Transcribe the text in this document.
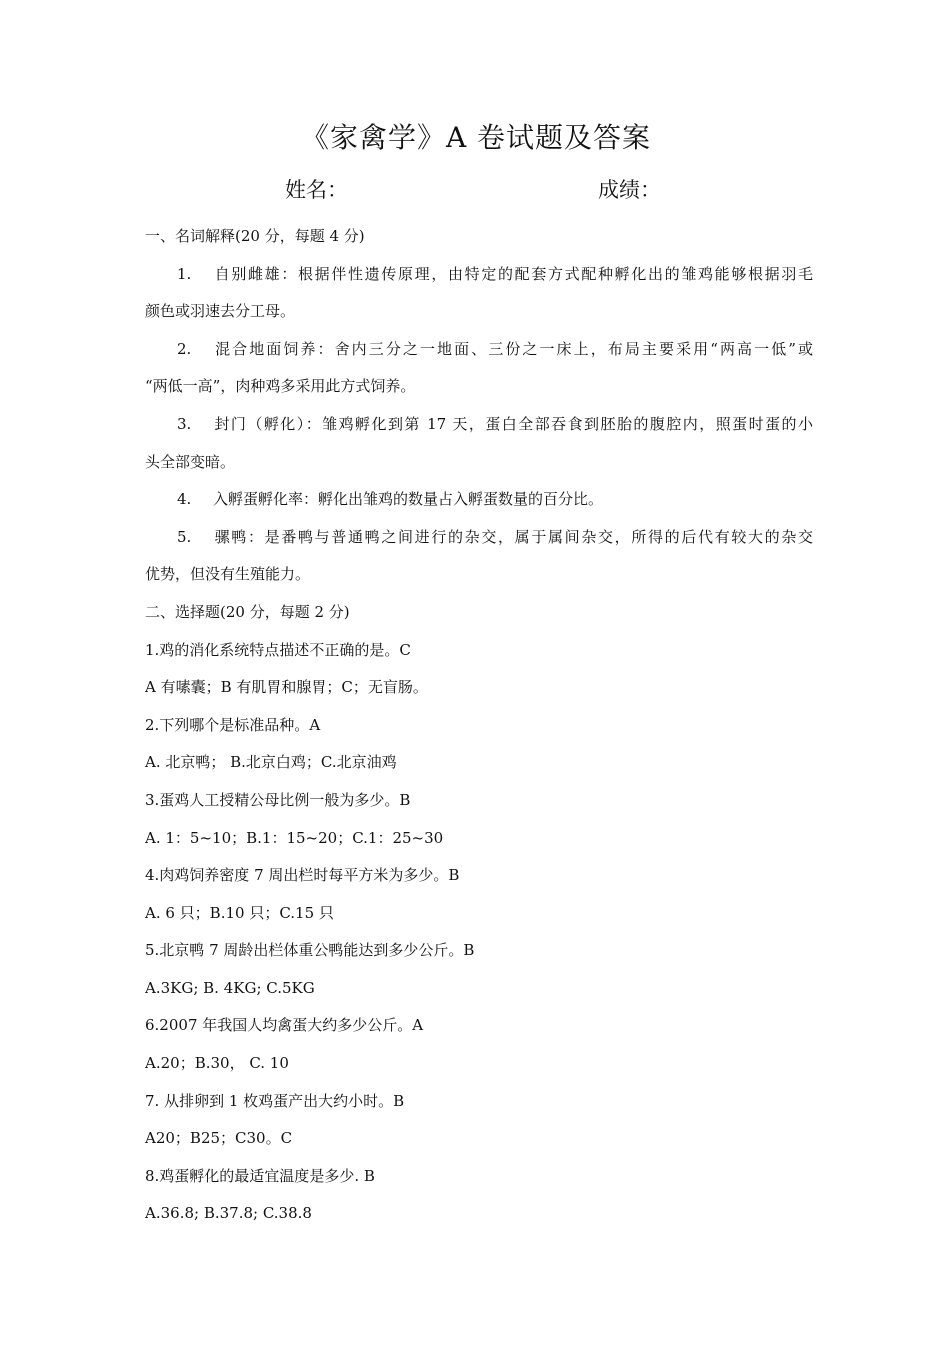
《家禽学》A 卷试题及答案
姓名：	成绩：
一、名词解释(20 分，每题 4 分)
1. 自别雌雄：根据伴性遗传原理，由特定的配套方式配种孵化出的雏鸡能够根据羽毛
颜色或羽速去分工母。
2. 混合地面饲养：舍内三分之一地面、三份之一床上，布局主要采用“两高一低”或
“两低一高”，肉种鸡多采用此方式饲养。
3. 封门（孵化）：雏鸡孵化到第 17 天，蛋白全部吞食到胚胎的腹腔内，照蛋时蛋的小
头全部变暗。
4. 入孵蛋孵化率：孵化出雏鸡的数量占入孵蛋数量的百分比。
5. 骡鸭：是番鸭与普通鸭之间进行的杂交，属于属间杂交，所得的后代有较大的杂交
优势，但没有生殖能力。
二、选择题(20 分，每题 2 分)
1.鸡的消化系统特点描述不正确的是。C
A 有嗉囊；B 有肌胃和腺胃；C；无盲肠。
2.下列哪个是标准品种。A
A. 北京鸭； B.北京白鸡；C.北京油鸡
3.蛋鸡人工授精公母比例一般为多少。B
A. 1：5~10；B.1：15~20；C.1：25~30
4.肉鸡饲养密度 7 周出栏时每平方米为多少。B
A. 6 只；B.10 只；C.15 只
5.北京鸭 7 周龄出栏体重公鸭能达到多少公斤。B
A.3KG; B. 4KG; C.5KG
6.2007 年我国人均禽蛋大约多少公斤。A
A.20；B.30， C. 10
7. 从排卵到 1 枚鸡蛋产出大约小时。B
A20；B25；C30。C
8.鸡蛋孵化的最适宜温度是多少. B
A.36.8; B.37.8; C.38.8
